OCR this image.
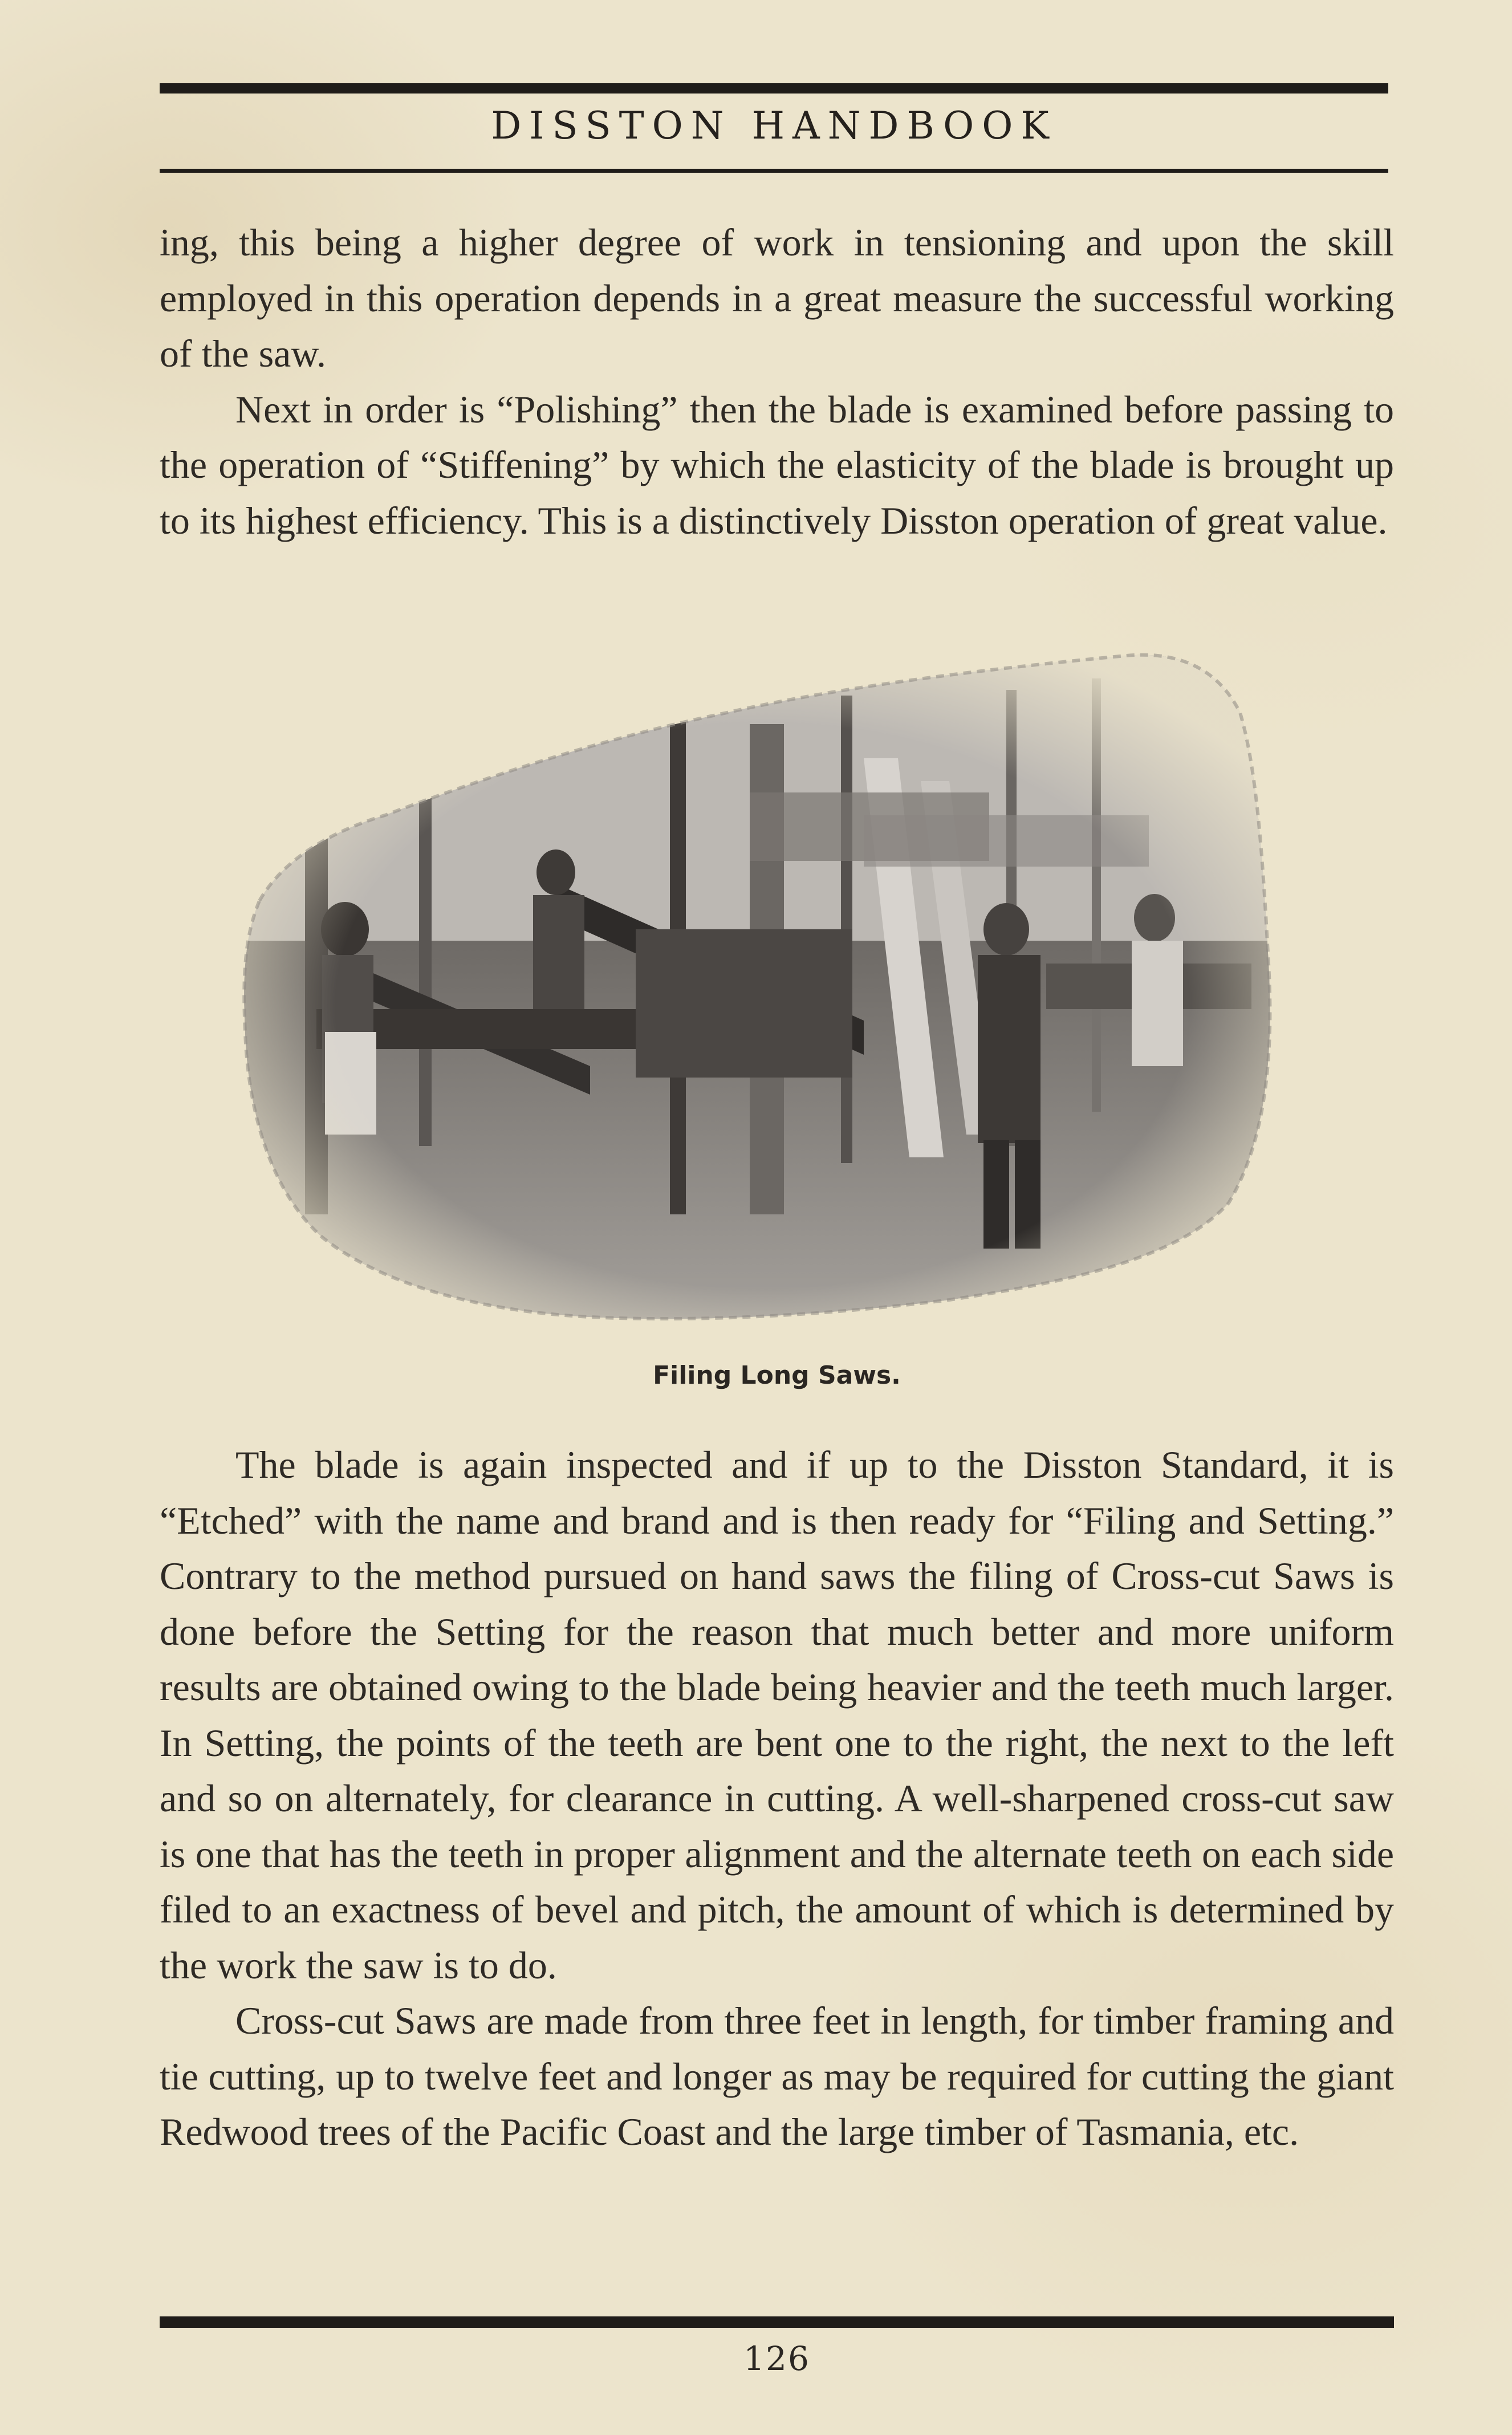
DISSTON HANDBOOK

ing, this being a higher degree of work in tensioning and upon the skill employed in this operation depends in a great measure the successful working of the saw.

Next in order is “Polishing” then the blade is examined before passing to the operation of “Stiffening” by which the elasticity of the blade is brought up to its highest efficiency. This is a distinctively Disston operation of great value.

Filing Long Saws.

The blade is again inspected and if up to the Disston Standard, it is “Etched” with the name and brand and is then ready for “Filing and Setting.” Contrary to the method pursued on hand saws the filing of Cross-cut Saws is done before the Setting for the reason that much better and more uniform results are obtained owing to the blade being heavier and the teeth much larger. In Setting, the points of the teeth are bent one to the right, the next to the left and so on alternately, for clearance in cutting. A well-sharpened cross-cut saw is one that has the teeth in proper alignment and the alternate teeth on each side filed to an exactness of bevel and pitch, the amount of which is determined by the work the saw is to do.

Cross-cut Saws are made from three feet in length, for timber framing and tie cutting, up to twelve feet and longer as may be required for cutting the giant Redwood trees of the Pacific Coast and the large timber of Tasmania, etc.

126
